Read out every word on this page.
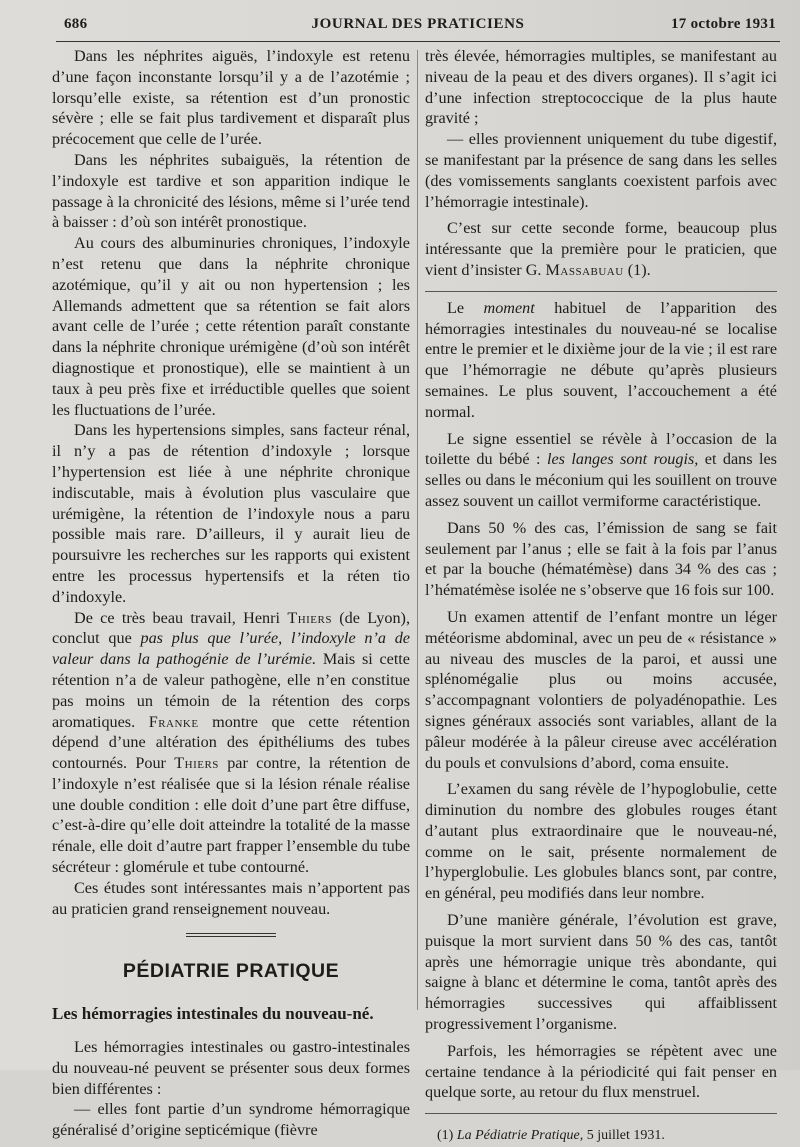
686	JOURNAL DES PRATICIENS	17 octobre 1931

Dans les néphrites aiguës, l’indoxyle est retenu d’une façon inconstante lorsqu’il y a de l’azotémie ; lorsqu’elle existe, sa rétention est d’un pronostic sévère ; elle se fait plus tardivement et disparaît plus précocement que celle de l’urée.

Dans les néphrites subaiguës, la rétention de l’indoxyle est tardive et son apparition indique le passage à la chronicité des lésions, même si l’urée tend à baisser : d’où son intérêt pronostique.

Au cours des albuminuries chroniques, l’indoxyle n’est retenu que dans la néphrite chronique azotémique, qu’il y ait ou non hypertension ; les Allemands admettent que sa rétention se fait alors avant celle de l’urée ; cette rétention paraît constante dans la néphrite chronique urémigène (d’où son intérêt diagnostique et pronostique), elle se maintient à un taux à peu près fixe et irréductible quelles que soient les fluctuations de l’urée.

Dans les hypertensions simples, sans facteur rénal, il n’y a pas de rétention d’indoxyle ; lorsque l’hypertension est liée à une néphrite chronique indiscutable, mais à évolution plus vasculaire que urémigène, la rétention de l’indoxyle nous a paru possible mais rare. D’ailleurs, il y aurait lieu de poursuivre les recherches sur les rapports qui existent entre les processus hypertensifs et la réten tio d’indoxyle.

De ce très beau travail, Henri Thiers (de Lyon), conclut que pas plus que l’urée, l’indoxyle n’a de valeur dans la pathogénie de l’urémie. Mais si cette rétention n’a de valeur pathogène, elle n’en constitue pas moins un témoin de la rétention des corps aromatiques. Franke montre que cette rétention dépend d’une altération des épithéliums des tubes contournés. Pour Thiers par contre, la rétention de l’indoxyle n’est réalisée que si la lésion rénale réalise une double condition : elle doit d’une part être diffuse, c’est-à-dire qu’elle doit atteindre la totalité de la masse rénale, elle doit d’autre part frapper l’ensemble du tube sécréteur : glomérule et tube contourné.

Ces études sont intéressantes mais n’apportent pas au praticien grand renseignement nouveau.

PÉDIATRIE PRATIQUE
Les hémorragies intestinales du nouveau-né.

Les hémorragies intestinales ou gastro-intestinales du nouveau-né peuvent se présenter sous deux formes bien différentes :

— elles font partie d’un syndrome hémorragique généralisé d’origine septicémique (fièvre

très élevée, hémorragies multiples, se manifestant au niveau de la peau et des divers organes). Il s’agit ici d’une infection streptococcique de la plus haute gravité ;

— elles proviennent uniquement du tube digestif, se manifestant par la présence de sang dans les selles (des vomissements sanglants coexistent parfois avec l’hémorragie intestinale).

C’est sur cette seconde forme, beaucoup plus intéressante que la première pour le praticien, que vient d’insister G. Massabuau (1).

Le moment habituel de l’apparition des hémorragies intestinales du nouveau-né se localise entre le premier et le dixième jour de la vie ; il est rare que l’hémorragie ne débute qu’après plusieurs semaines. Le plus souvent, l’accouchement a été normal.

Le signe essentiel se révèle à l’occasion de la toilette du bébé : les langes sont rougis, et dans les selles ou dans le méconium qui les souillent on trouve assez souvent un caillot vermiforme caractéristique.

Dans 50 % des cas, l’émission de sang se fait seulement par l’anus ; elle se fait à la fois par l’anus et par la bouche (hématémèse) dans 34 % des cas ; l’hématémèse isolée ne s’observe que 16 fois sur 100.

Un examen attentif de l’enfant montre un léger météorisme abdominal, avec un peu de « résistance » au niveau des muscles de la paroi, et aussi une splénomégalie plus ou moins accusée, s’accompagnant volontiers de polyadénopathie. Les signes généraux associés sont variables, allant de la pâleur modérée à la pâleur cireuse avec accélération du pouls et convulsions d’abord, coma ensuite.

L’examen du sang révèle de l’hypoglobulie, cette diminution du nombre des globules rouges étant d’autant plus extraordinaire que le nouveau-né, comme on le sait, présente normalement de l’hyperglobulie. Les globules blancs sont, par contre, en général, peu modifiés dans leur nombre.

D’une manière générale, l’évolution est grave, puisque la mort survient dans 50 % des cas, tantôt après une hémorragie unique très abondante, qui saigne à blanc et détermine le coma, tantôt après des hémorragies successives qui affaiblissent progressivement l’organisme.

Parfois, les hémorragies se répètent avec une certaine tendance à la périodicité qui fait penser en quelque sorte, au retour du flux menstruel.

(1) La Pédiatrie Pratique, 5 juillet 1931.
